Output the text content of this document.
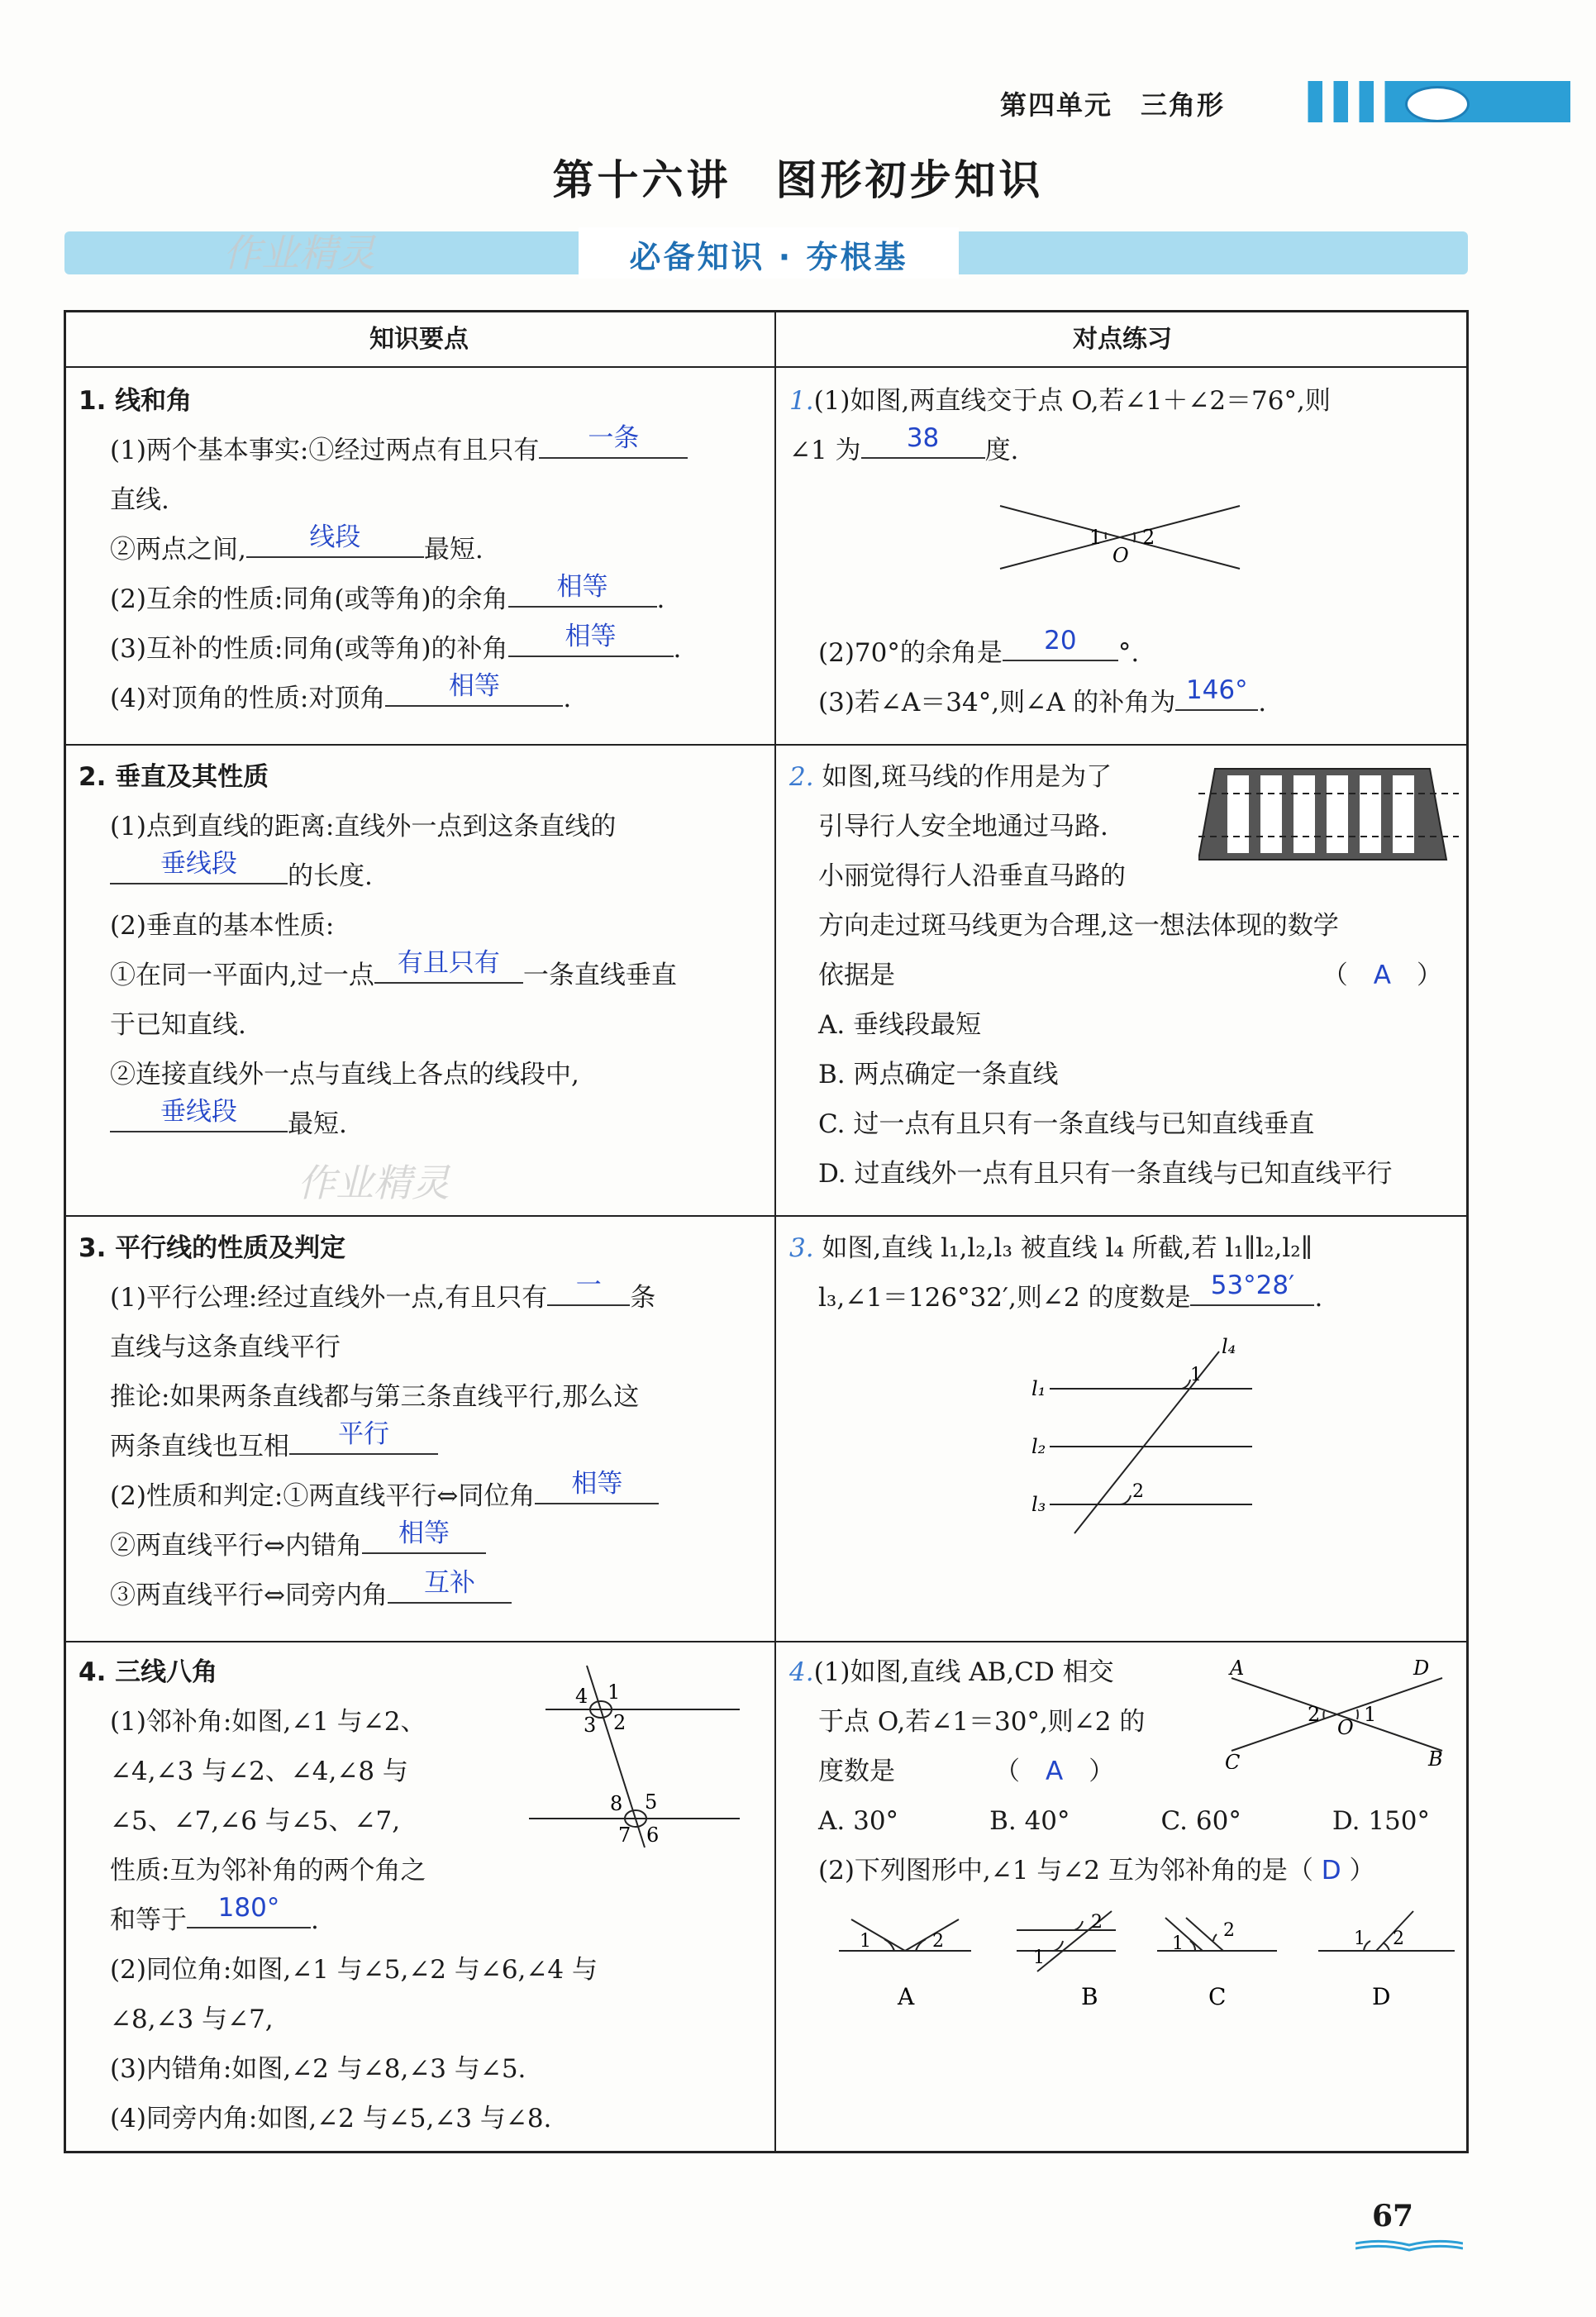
第四单元　三角形
第十六讲　图形初步知识
必备知识 · 夯根基
作业精灵
作业精灵
知识要点	对点练习
1. 线和角
(1)两个基本事实:①经过两点有且只有	一条
直线.
②两点之间,	线段	最短.
(2)互余的性质:同角(或等角)的余角	相等	.
(3)互补的性质:同角(或等角)的补角	相等	.
(4)对顶角的性质:对顶角	相等	.
1.(1)如图,两直线交于点 O,若∠1＋∠2＝76°,则
∠1 为	38	度.
1 2
O
(2)70°的余角是	20	°.
(3)若∠A＝34°,则∠A 的补角为 146° .
2. 垂直及其性质
(1)点到直线的距离:直线外一点到这条直线的
垂线段	的长度.
(2)垂直的基本性质:
①在同一平面内,过一点 有且只有 一条直线垂直
于已知直线.
②连接直线外一点与直线上各点的线段中,
垂线段	最短.
2. 如图,斑马线的作用是为了
引导行人安全地通过马路.
小丽觉得行人沿垂直马路的
方向走过斑马线更为合理,这一想法体现的数学
依据是	（　A　）
A. 垂线段最短
B. 两点确定一条直线
C. 过一点有且只有一条直线与已知直线垂直
D. 过直线外一点有且只有一条直线与已知直线平行
3. 平行线的性质及判定
(1)平行公理:经过直线外一点,有且只有	一	条
直线与这条直线平行
推论:如果两条直线都与第三条直线平行,那么这
两条直线也互相	平行
(2)性质和判定:①两直线平行⇔同位角	相等
②两直线平行⇔内错角	相等
③两直线平行⇔同旁内角	互补
3. 如图,直线 l₁,l₂,l₃ 被直线 l₄ 所截,若 l₁∥l₂,l₂∥
l₃,∠1＝126°32′,则∠2 的度数是 53°28′ .
l₁
l₂
l₃
l₄
1
2
4. 三线八角
(1)邻补角:如图,∠1 与∠2、
∠4,∠3 与∠2、∠4,∠8 与
∠5、∠7,∠6 与∠5、∠7,
性质:互为邻补角的两个角之
和等于	180°	.
(2)同位角:如图,∠1 与∠5,∠2 与∠6,∠4 与
∠8,∠3 与∠7,
(3)内错角:如图,∠2 与∠8,∠3 与∠5.
(4)同旁内角:如图,∠2 与∠5,∠3 与∠8.
4 1
3 2
8 5
7 6
4.(1)如图,直线 AB,CD 相交
于点 O,若∠1＝30°,则∠2 的
度数是	（　A　）
A. 30°	B. 40°	C. 60°	D. 150°
(2)下列图形中,∠1 与∠2 互为邻补角的是（ D ）
A	D
C	B
2 1
O
1	2
A
1
2
B
1
2
C
1 2
D
67
